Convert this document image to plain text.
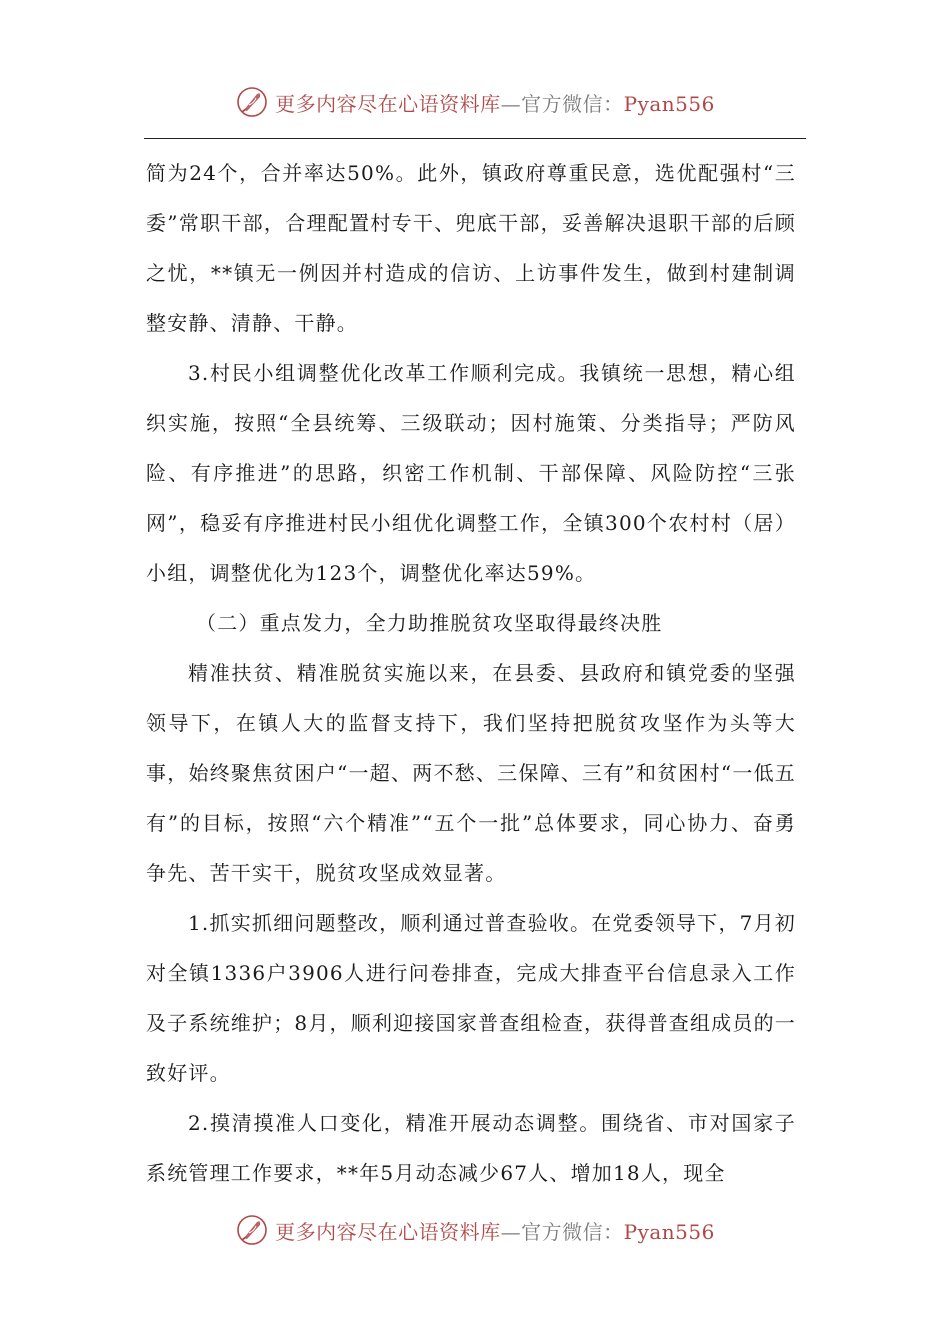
更多内容尽在心语资料库—官方微信：Pyan556

简为24个，合并率达50%。此外，镇政府尊重民意，选优配强村“三委”常职干部，合理配置村专干、兜底干部，妥善解决退职干部的后顾之忧，**镇无一例因并村造成的信访、上访事件发生，做到村建制调整安静、清静、干静。

3.村民小组调整优化改革工作顺利完成。我镇统一思想，精心组织实施，按照“全县统筹、三级联动；因村施策、分类指导；严防风险、有序推进”的思路，织密工作机制、干部保障、风险防控“三张网”，稳妥有序推进村民小组优化调整工作，全镇300个农村村（居）小组，调整优化为123个，调整优化率达59%。

（二）重点发力，全力助推脱贫攻坚取得最终决胜

精准扶贫、精准脱贫实施以来，在县委、县政府和镇党委的坚强领导下，在镇人大的监督支持下，我们坚持把脱贫攻坚作为头等大事，始终聚焦贫困户“一超、两不愁、三保障、三有”和贫困村“一低五有”的目标，按照“六个精准”“五个一批”总体要求，同心协力、奋勇争先、苦干实干，脱贫攻坚成效显著。

1.抓实抓细问题整改，顺利通过普查验收。在党委领导下，7月初对全镇1336户3906人进行问卷排查，完成大排查平台信息录入工作及子系统维护；8月，顺利迎接国家普查组检查，获得普查组成员的一致好评。

2.摸清摸准人口变化，精准开展动态调整。围绕省、市对国家子系统管理工作要求，**年5月动态减少67人、增加18人，现全

更多内容尽在心语资料库—官方微信：Pyan556
